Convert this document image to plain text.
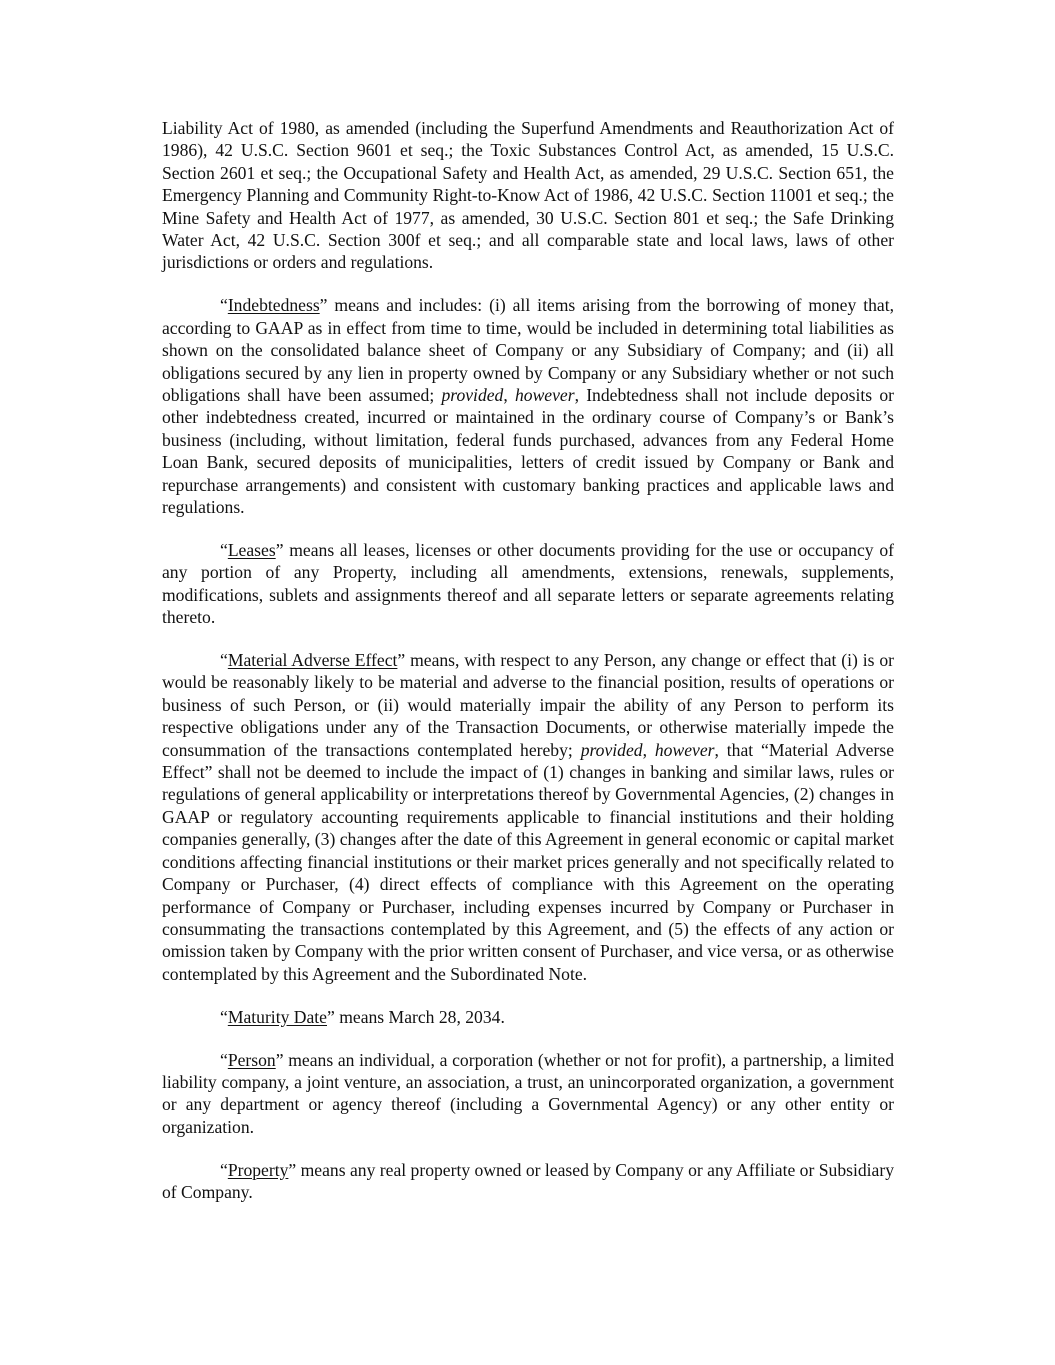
Liability Act of 1980, as amended (including the Superfund Amendments and Reauthorization Act of 1986), 42 U.S.C. Section 9601 et seq.; the Toxic Substances Control Act, as amended, 15 U.S.C. Section 2601 et seq.; the Occupational Safety and Health Act, as amended, 29 U.S.C. Section 651, the Emergency Planning and Community Right-to-Know Act of 1986, 42 U.S.C. Section 11001 et seq.; the Mine Safety and Health Act of 1977, as amended, 30 U.S.C. Section 801 et seq.; the Safe Drinking Water Act, 42 U.S.C. Section 300f et seq.; and all comparable state and local laws, laws of other jurisdictions or orders and regulations.

“Indebtedness” means and includes: (i) all items arising from the borrowing of money that, according to GAAP as in effect from time to time, would be included in determining total liabilities as shown on the consolidated balance sheet of Company or any Subsidiary of Company; and (ii) all obligations secured by any lien in property owned by Company or any Subsidiary whether or not such obligations shall have been assumed; provided, however, Indebtedness shall not include deposits or other indebtedness created, incurred or maintained in the ordinary course of Company’s or Bank’s business (including, without limitation, federal funds purchased, advances from any Federal Home Loan Bank, secured deposits of municipalities, letters of credit issued by Company or Bank and repurchase arrangements) and consistent with customary banking practices and applicable laws and regulations.

“Leases” means all leases, licenses or other documents providing for the use or occupancy of any portion of any Property, including all amendments, extensions, renewals, supplements, modifications, sublets and assignments thereof and all separate letters or separate agreements relating thereto.

“Material Adverse Effect” means, with respect to any Person, any change or effect that (i) is or would be reasonably likely to be material and adverse to the financial position, results of operations or business of such Person, or (ii) would materially impair the ability of any Person to perform its respective obligations under any of the Transaction Documents, or otherwise materially impede the consummation of the transactions contemplated hereby; provided, however, that “Material Adverse Effect” shall not be deemed to include the impact of (1) changes in banking and similar laws, rules or regulations of general applicability or interpretations thereof by Governmental Agencies, (2) changes in GAAP or regulatory accounting requirements applicable to financial institutions and their holding companies generally, (3) changes after the date of this Agreement in general economic or capital market conditions affecting financial institutions or their market prices generally and not specifically related to Company or Purchaser, (4) direct effects of compliance with this Agreement on the operating performance of Company or Purchaser, including expenses incurred by Company or Purchaser in consummating the transactions contemplated by this Agreement, and (5) the effects of any action or omission taken by Company with the prior written consent of Purchaser, and vice versa, or as otherwise contemplated by this Agreement and the Subordinated Note.

“Maturity Date” means March 28, 2034.

“Person” means an individual, a corporation (whether or not for profit), a partnership, a limited liability company, a joint venture, an association, a trust, an unincorporated organization, a government or any department or agency thereof (including a Governmental Agency) or any other entity or organization.

“Property” means any real property owned or leased by Company or any Affiliate or Subsidiary of Company.
